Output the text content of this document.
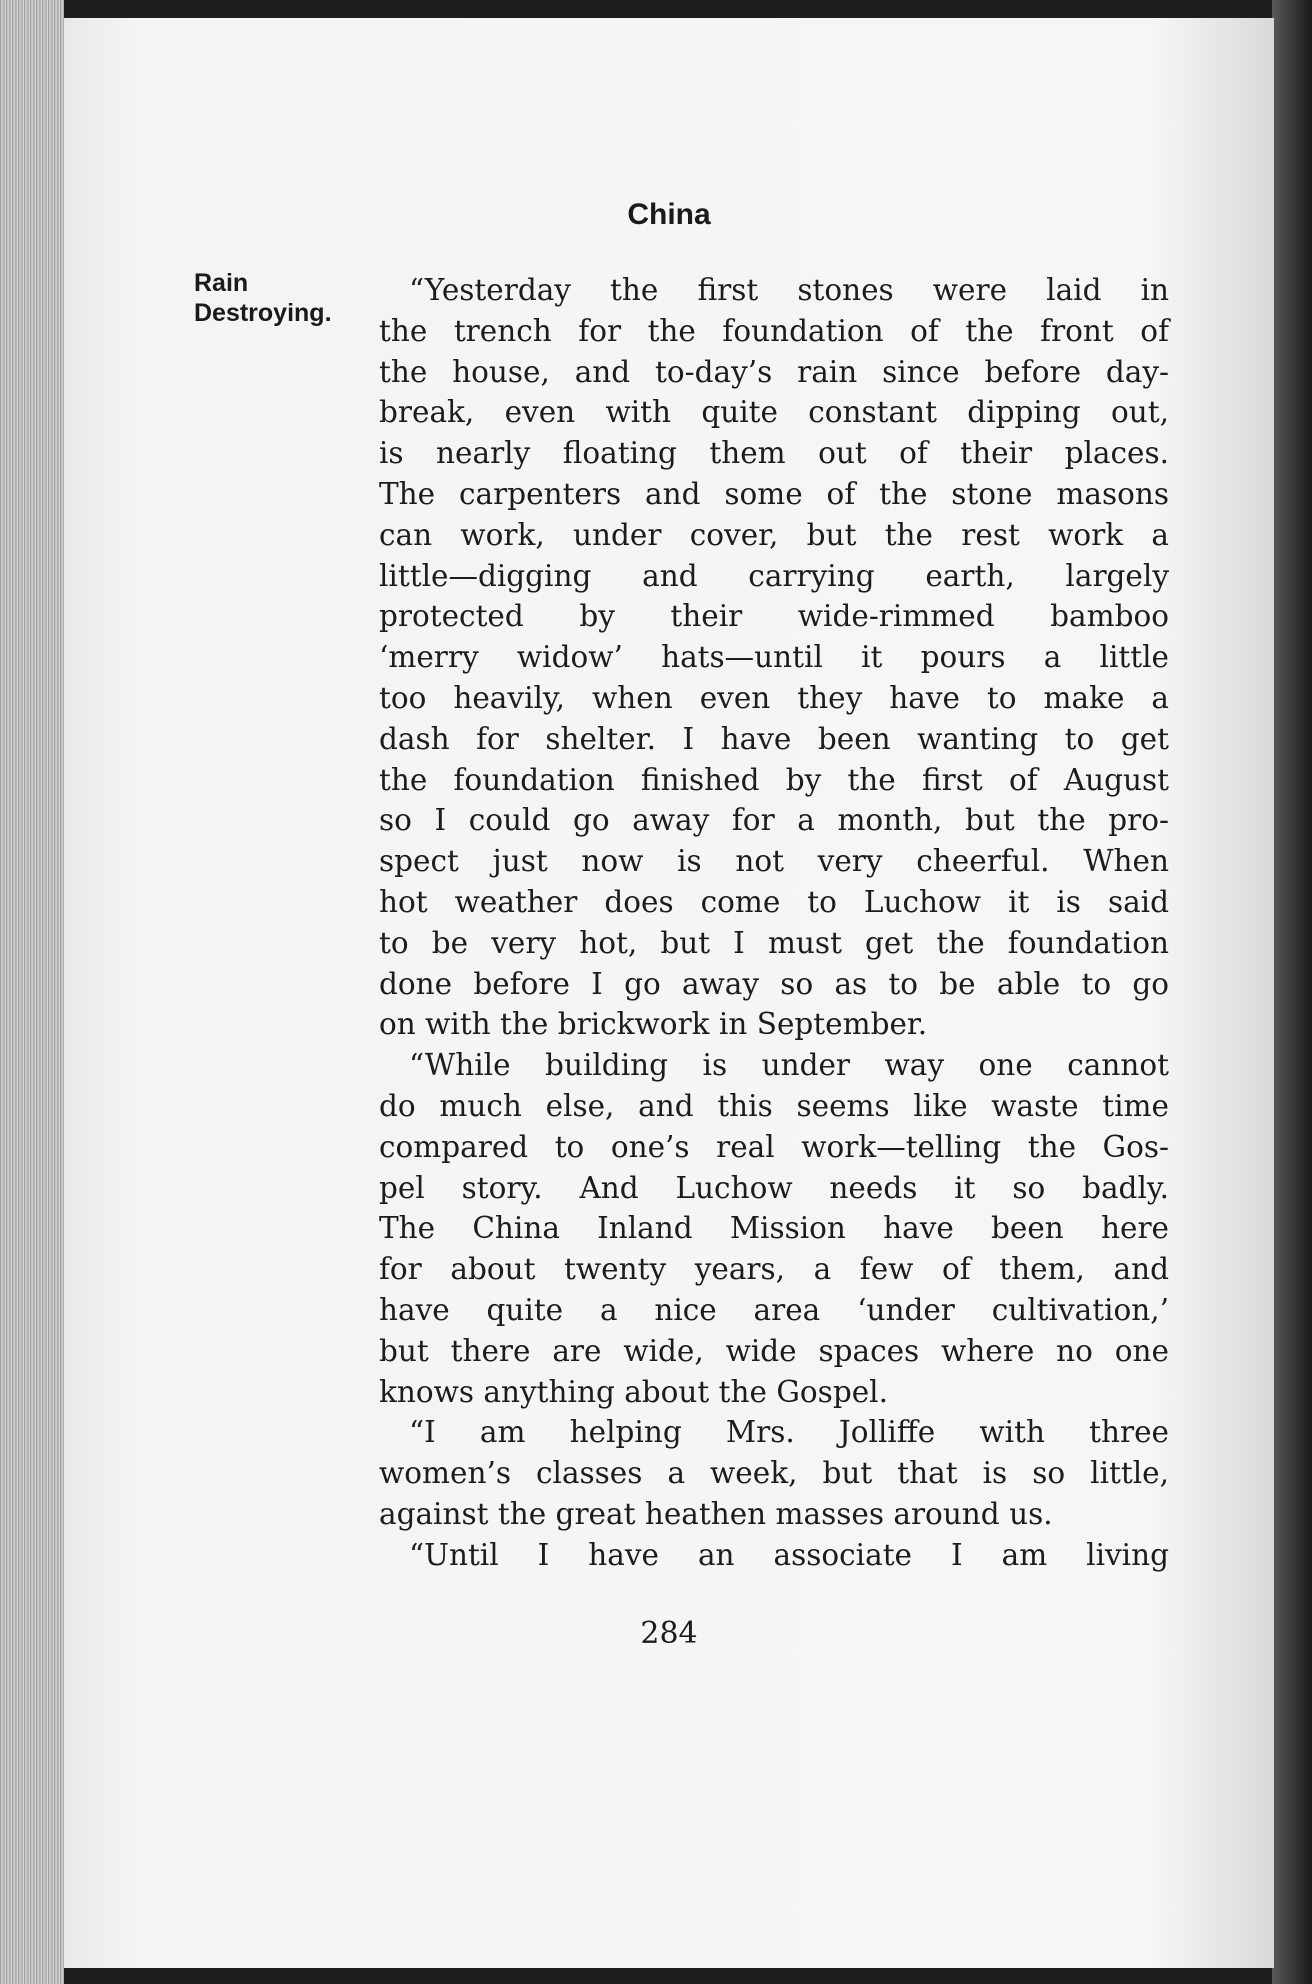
China
Rain
Destroying.
“Yesterday the first stones were laid in
the trench for the foundation of the front of
the house, and to-day’s rain since before day-
break, even with quite constant dipping out,
is nearly floating them out of their places.
The carpenters and some of the stone masons
can work, under cover, but the rest work a
little—digging and carrying earth, largely
protected by their wide-rimmed bamboo
‘merry widow’ hats—until it pours a little
too heavily, when even they have to make a
dash for shelter. I have been wanting to get
the foundation finished by the first of August
so I could go away for a month, but the pro-
spect just now is not very cheerful. When
hot weather does come to Luchow it is said
to be very hot, but I must get the foundation
done before I go away so as to be able to go
on with the brickwork in September.
“While building is under way one cannot
do much else, and this seems like waste time
compared to one’s real work—telling the Gos-
pel story. And Luchow needs it so badly.
The China Inland Mission have been here
for about twenty years, a few of them, and
have quite a nice area ‘under cultivation,’
but there are wide, wide spaces where no one
knows anything about the Gospel.
“I am helping Mrs. Jolliffe with three
women’s classes a week, but that is so little,
against the great heathen masses around us.
“Until I have an associate I am living
284
